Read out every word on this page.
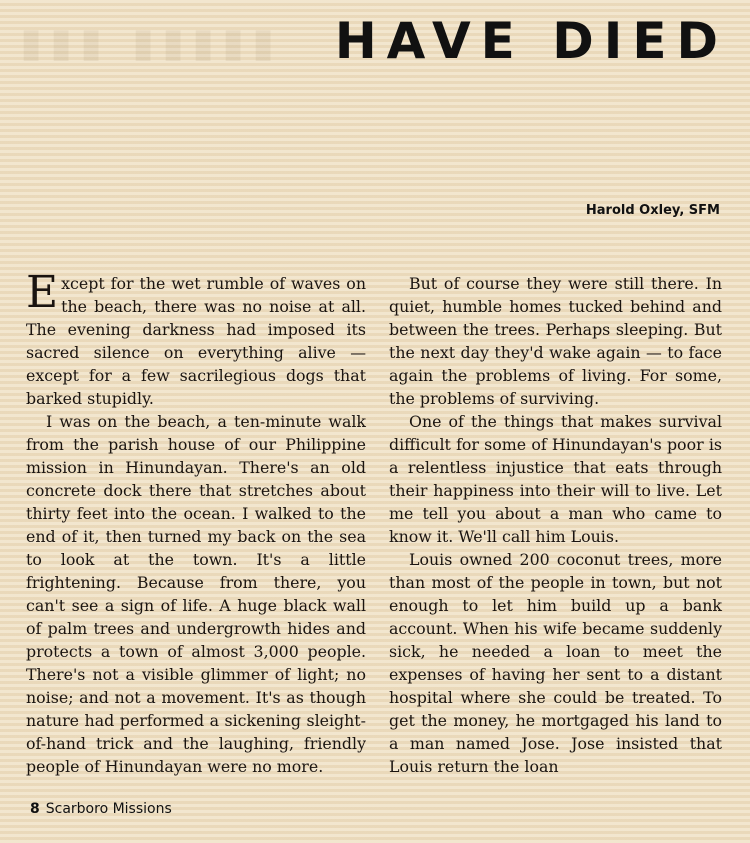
▮▮▮ ▮▮▮▮▮ HAVE DIED

Harold Oxley, SFM

Except for the wet rumble of waves on the beach, there was no noise at all. The evening darkness had imposed its sacred silence on everything alive — except for a few sacrilegious dogs that barked stupidly.

I was on the beach, a ten-minute walk from the parish house of our Philippine mission in Hinundayan. There's an old concrete dock there that stretches about thirty feet into the ocean. I walked to the end of it, then turned my back on the sea to look at the town. It's a little frightening. Because from there, you can't see a sign of life. A huge black wall of palm trees and undergrowth hides and protects a town of almost 3,000 people. There's not a visible glimmer of light; no noise; and not a movement. It's as though nature had performed a sickening sleight-of-hand trick and the laughing, friendly people of Hinundayan were no more.

But of course they were still there. In quiet, humble homes tucked behind and between the trees. Perhaps sleeping. But the next day they'd wake again — to face again the problems of living. For some, the problems of surviving.

One of the things that makes survival difficult for some of Hinundayan's poor is a relentless injustice that eats through their happiness into their will to live. Let me tell you about a man who came to know it. We'll call him Louis.

Louis owned 200 coconut trees, more than most of the people in town, but not enough to let him build up a bank account. When his wife became suddenly sick, he needed a loan to meet the expenses of having her sent to a distant hospital where she could be treated. To get the money, he mortgaged his land to a man named Jose. Jose insisted that Louis return the loan

8 Scarboro Missions
